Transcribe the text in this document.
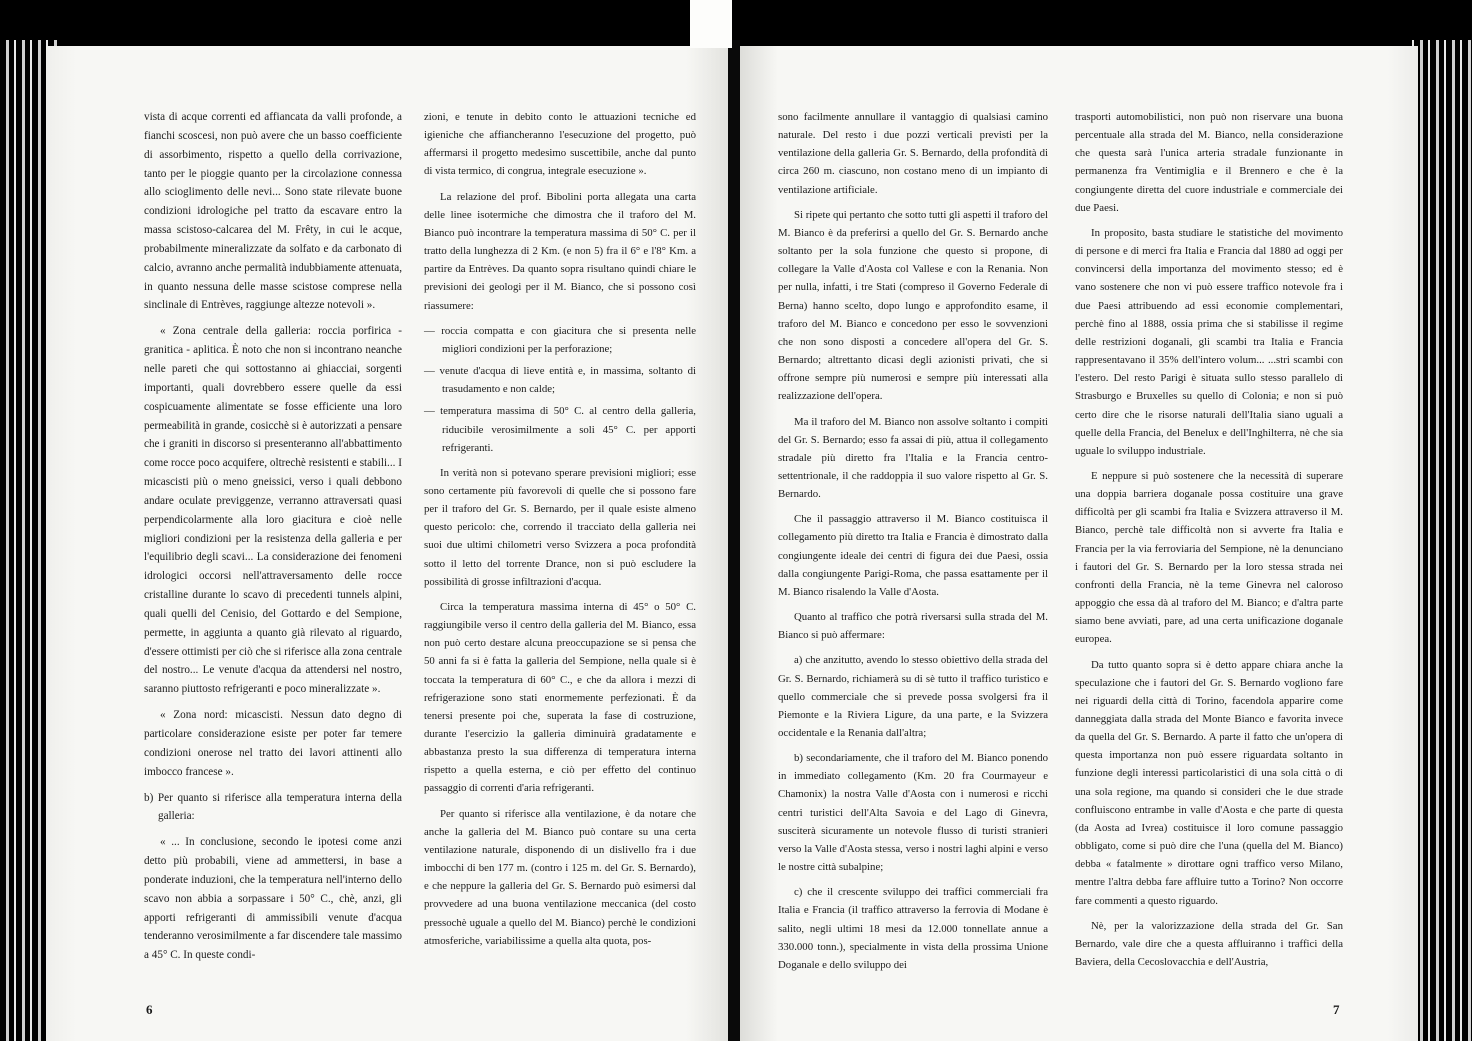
vista di acque correnti ed affiancata da valli profonde, a fianchi scoscesi, non può avere che un basso coefficiente di assorbimento, rispetto a quello della corrivazione, tanto per le pioggie quanto per la circolazione connessa allo scioglimento delle nevi... Sono state rilevate buone condizioni idrologiche pel tratto da escavare entro la massa scistoso-calcarea del M. Frêty, in cui le acque, probabilmente mineralizzate da solfato e da carbonato di calcio, avranno anche permalità indubbiamente attenuata, in quanto nessuna delle masse scistose comprese nella sinclinale di Entrèves, raggiunge altezze notevoli ».

« Zona centrale della galleria: roccia porfirica - granitica - aplitica. È noto che non si incontrano neanche nelle pareti che qui sottostanno ai ghiacciai, sorgenti importanti, quali dovrebbero essere quelle da essi cospicuamente alimentate se fosse efficiente una loro permeabilità in grande, cosicchè si è autorizzati a pensare che i graniti in discorso si presenteranno all'abbattimento come rocce poco acquifere, oltrechè resistenti e stabili... I micascisti più o meno gneissici, verso i quali debbono andare oculate previggenze, verranno attraversati quasi perpendicolarmente alla loro giacitura e cioè nelle migliori condizioni per la resistenza della galleria e per l'equilibrio degli scavi... La considerazione dei fenomeni idrologici occorsi nell'attraversamento delle rocce cristalline durante lo scavo di precedenti tunnels alpini, quali quelli del Cenisio, del Gottardo e del Sempione, permette, in aggiunta a quanto già rilevato al riguardo, d'essere ottimisti per ciò che si riferisce alla zona centrale del nostro... Le venute d'acqua da attendersi nel nostro, saranno piuttosto refrigeranti e poco mineralizzate ».

« Zona nord: micascisti. Nessun dato degno di particolare considerazione esiste per poter far temere condizioni onerose nel tratto dei lavori attinenti allo imbocco francese ».

b) Per quanto si riferisce alla temperatura interna della galleria:

« ... In conclusione, secondo le ipotesi come anzi detto più probabili, viene ad ammettersi, in base a ponderate induzioni, che la temperatura nell'interno dello scavo non abbia a sorpassare i 50° C., chè, anzi, gli apporti refrigeranti di ammissibili venute d'acqua tenderanno verosimilmente a far discendere tale massimo a 45° C. In queste condi-

zioni, e tenute in debito conto le attuazioni tecniche ed igieniche che affiancheranno l'esecuzione del progetto, può affermarsi il progetto medesimo suscettibile, anche dal punto di vista termico, di congrua, integrale esecuzione ».

La relazione del prof. Bibolini porta allegata una carta delle linee isotermiche che dimostra che il traforo del M. Bianco può incontrare la temperatura massima di 50° C. per il tratto della lunghezza di 2 Km. (e non 5) fra il 6° e l'8° Km. a partire da Entrèves. Da quanto sopra risultano quindi chiare le previsioni dei geologi per il M. Bianco, che si possono così riassumere:

— roccia compatta e con giacitura che si presenta nelle migliori condizioni per la perforazione;
— venute d'acqua di lieve entità e, in massima, soltanto di trasudamento e non calde;
— temperatura massima di 50° C. al centro della galleria, riducibile verosimilmente a soli 45° C. per apporti refrigeranti.

In verità non si potevano sperare previsioni migliori; esse sono certamente più favorevoli di quelle che si possono fare per il traforo del Gr. S. Bernardo, per il quale esiste almeno questo pericolo: che, correndo il tracciato della galleria nei suoi due ultimi chilometri verso Svizzera a poca profondità sotto il letto del torrente Drance, non si può escludere la possibilità di grosse infiltrazioni d'acqua.

Circa la temperatura massima interna di 45° o 50° C. raggiungibile verso il centro della galleria del M. Bianco, essa non può certo destare alcuna preoccupazione se si pensa che 50 anni fa si è fatta la galleria del Sempione, nella quale si è toccata la temperatura di 60° C., e che da allora i mezzi di refrigerazione sono stati enormemente perfezionati. È da tenersi presente poi che, superata la fase di costruzione, durante l'esercizio la galleria diminuirà gradatamente e abbastanza presto la sua differenza di temperatura interna rispetto a quella esterna, e ciò per effetto del continuo passaggio di correnti d'aria refrigeranti.

Per quanto si riferisce alla ventilazione, è da notare che anche la galleria del M. Bianco può contare su una certa ventilazione naturale, disponendo di un dislivello fra i due imbocchi di ben 177 m. (contro i 125 m. del Gr. S. Bernardo), e che neppure la galleria del Gr. S. Bernardo può esimersi dal provvedere ad una buona ventilazione meccanica (del costo pressochè uguale a quello del M. Bianco) perchè le condizioni atmosferiche, variabilissime a quella alta quota, pos-

sono facilmente annullare il vantaggio di qualsiasi camino naturale. Del resto i due pozzi verticali previsti per la ventilazione della galleria Gr. S. Bernardo, della profondità di circa 260 m. ciascuno, non costano meno di un impianto di ventilazione artificiale.

Si ripete qui pertanto che sotto tutti gli aspetti il traforo del M. Bianco è da preferirsi a quello del Gr. S. Bernardo anche soltanto per la sola funzione che questo si propone, di collegare la Valle d'Aosta col Vallese e con la Renania. Non per nulla, infatti, i tre Stati (compreso il Governo Federale di Berna) hanno scelto, dopo lungo e approfondito esame, il traforo del M. Bianco e concedono per esso le sovvenzioni che non sono disposti a concedere all'opera del Gr. S. Bernardo; altrettanto dicasi degli azionisti privati, che si offrone sempre più numerosi e sempre più interessati alla realizzazione dell'opera.

Ma il traforo del M. Bianco non assolve soltanto i compiti del Gr. S. Bernardo; esso fa assai di più, attua il collegamento stradale più diretto fra l'Italia e la Francia centro-settentrionale, il che raddoppia il suo valore rispetto al Gr. S. Bernardo.

Che il passaggio attraverso il M. Bianco costituisca il collegamento più diretto tra Italia e Francia è dimostrato dalla congiungente ideale dei centri di figura dei due Paesi, ossia dalla congiungente Parigi-Roma, che passa esattamente per il M. Bianco risalendo la Valle d'Aosta.

Quanto al traffico che potrà riversarsi sulla strada del M. Bianco si può affermare:

a) che anzitutto, avendo lo stesso obiettivo della strada del Gr. S. Bernardo, richiamerà su di sè tutto il traffico turistico e quello commerciale che si prevede possa svolgersi fra il Piemonte e la Riviera Ligure, da una parte, e la Svizzera occidentale e la Renania dall'altra;

b) secondariamente, che il traforo del M. Bianco ponendo in immediato collegamento (Km. 20 fra Courmayeur e Chamonix) la nostra Valle d'Aosta con i numerosi e ricchi centri turistici dell'Alta Savoia e del Lago di Ginevra, susciterà sicuramente un notevole flusso di turisti stranieri verso la Valle d'Aosta stessa, verso i nostri laghi alpini e verso le nostre città subalpine;

c) che il crescente sviluppo dei traffici commerciali fra Italia e Francia (il traffico attraverso la ferrovia di Modane è salito, negli ultimi 18 mesi da 12.000 tonnellate annue a 330.000 tonn.), specialmente in vista della prossima Unione Doganale e dello sviluppo dei

trasporti automobilistici, non può non riservare una buona percentuale alla strada del M. Bianco, nella considerazione che questa sarà l'unica arteria stradale funzionante in permanenza fra Ventimiglia e il Brennero e che è la congiungente diretta del cuore industriale e commerciale dei due Paesi.

In proposito, basta studiare le statistiche del movimento di persone e di merci fra Italia e Francia dal 1880 ad oggi per convincersi della importanza del movimento stesso; ed è vano sostenere che non vi può essere traffico notevole fra i due Paesi attribuendo ad essi economie complementari, perchè fino al 1888, ossia prima che si stabilisse il regime delle restrizioni doganali, gli scambi tra Italia e Francia rappresentavano il 35% dell'intero volum... ...stri scambi con l'estero. Del resto Parigi è situata sullo stesso parallelo di Strasburgo e Bruxelles su quello di Colonia; e non si può certo dire che le risorse naturali dell'Italia siano uguali a quelle della Francia, del Benelux e dell'Inghilterra, nè che sia uguale lo sviluppo industriale.

E neppure si può sostenere che la necessità di superare una doppia barriera doganale possa costituire una grave difficoltà per gli scambi fra Italia e Svizzera attraverso il M. Bianco, perchè tale difficoltà non si avverte fra Italia e Francia per la via ferroviaria del Sempione, nè la denunciano i fautori del Gr. S. Bernardo per la loro stessa strada nei confronti della Francia, nè la teme Ginevra nel caloroso appoggio che essa dà al traforo del M. Bianco; e d'altra parte siamo bene avviati, pare, ad una certa unificazione doganale europea.

Da tutto quanto sopra si è detto appare chiara anche la speculazione che i fautori del Gr. S. Bernardo vogliono fare nei riguardi della città di Torino, facendola apparire come danneggiata dalla strada del Monte Bianco e favorita invece da quella del Gr. S. Bernardo. A parte il fatto che un'opera di questa importanza non può essere riguardata soltanto in funzione degli interessi particolaristici di una sola città o di una sola regione, ma quando si consideri che le due strade confluiscono entrambe in valle d'Aosta e che parte di questa (da Aosta ad Ivrea) costituisce il loro comune passaggio obbligato, come si può dire che l'una (quella del M. Bianco) debba « fatalmente » dirottare ogni traffico verso Milano, mentre l'altra debba fare affluire tutto a Torino? Non occorre fare commenti a questo riguardo.

Nè, per la valorizzazione della strada del Gr. San Bernardo, vale dire che a questa affluiranno i traffici della Baviera, della Cecoslovacchia e dell'Austria,

6	7
